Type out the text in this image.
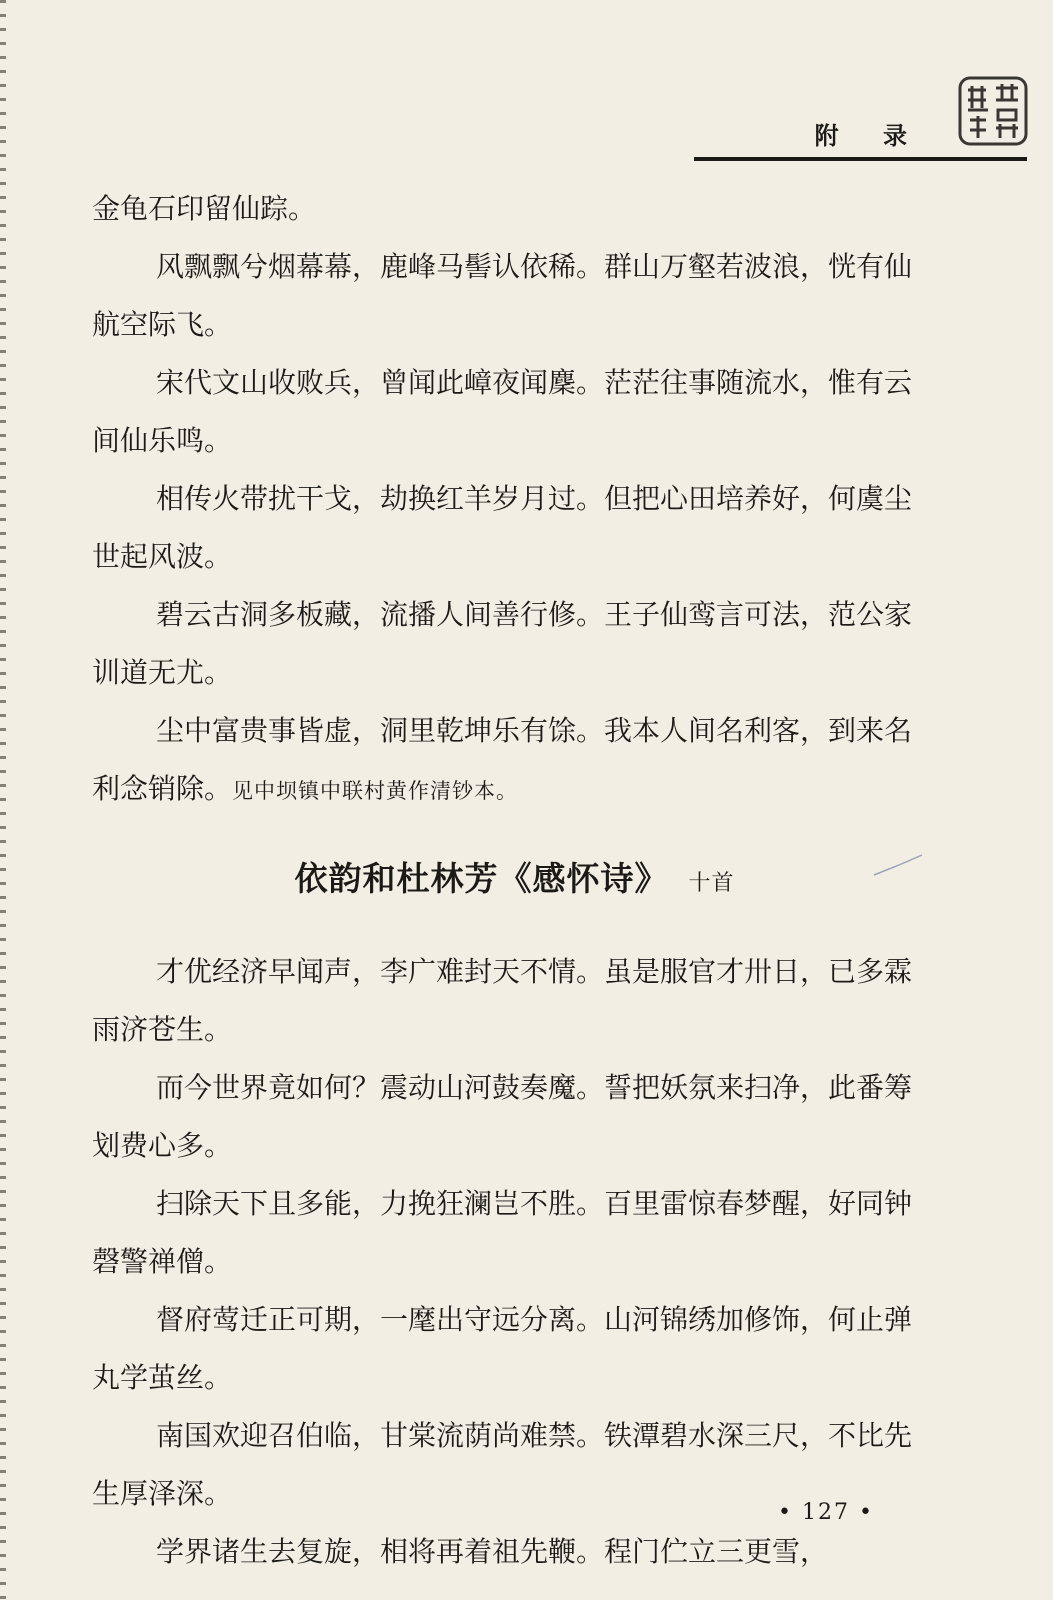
附 录

金龟石印留仙踪。

风飘飘兮烟幕幕，鹿峰马髻认依稀。群山万壑若波浪，恍有仙航空际飞。

宋代文山收败兵，曾闻此嶂夜闻麇。茫茫往事随流水，惟有云间仙乐鸣。

相传火带扰干戈，劫换红羊岁月过。但把心田培养好，何虞尘世起风波。

碧云古洞多板藏，流播人间善行修。王子仙鸾言可法，范公家训道无尤。

尘中富贵事皆虚，洞里乾坤乐有馀。我本人间名利客，到来名利念销除。见中坝镇中联村黄作清钞本。

依韵和杜林芳《感怀诗》 十首

才优经济早闻声，李广难封天不情。虽是服官才卅日，已多霖雨济苍生。

而今世界竟如何？震动山河鼓奏魔。誓把妖氛来扫净，此番筹划费心多。

扫除天下且多能，力挽狂澜岂不胜。百里雷惊春梦醒，好同钟磬警禅僧。

督府莺迁正可期，一麾出守远分离。山河锦绣加修饰，何止弹丸学茧丝。

南国欢迎召伯临，甘棠流荫尚难禁。铁潭碧水深三尺，不比先生厚泽深。

学界诸生去复旋，相将再着祖先鞭。程门伫立三更雪，

• 127 •
